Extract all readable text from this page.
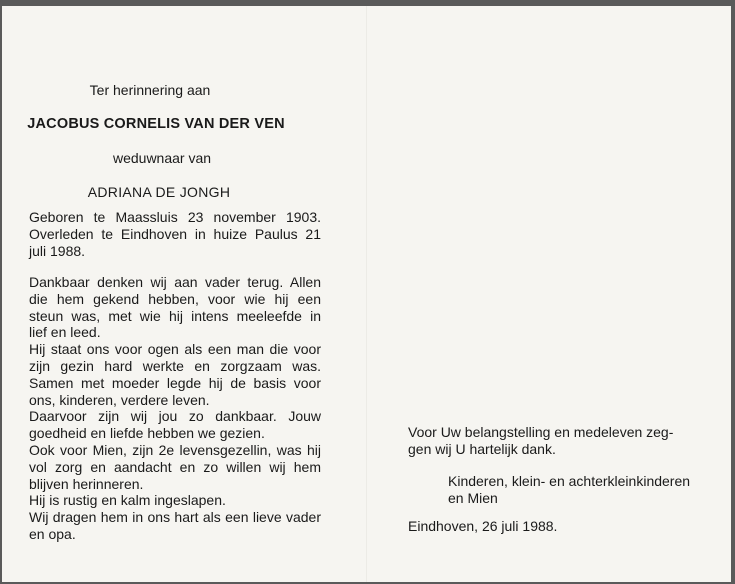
Ter herinnering aan
JACOBUS CORNELIS VAN DER VEN
weduwnaar van
ADRIANA DE JONGH
Geboren te Maassluis 23 november 1903.
Overleden te Eindhoven in huize Paulus 21
juli 1988.
Dankbaar denken wij aan vader terug. Allen
die hem gekend hebben, voor wie hij een
steun was, met wie hij intens meeleefde in
lief en leed.
Hij staat ons voor ogen als een man die voor
zijn gezin hard werkte en zorgzaam was.
Samen met moeder legde hij de basis voor
ons, kinderen, verdere leven.
Daarvoor zijn wij jou zo dankbaar. Jouw
goedheid en liefde hebben we gezien.
Ook voor Mien, zijn 2e levensgezellin, was hij
vol zorg en aandacht en zo willen wij hem
blijven herinneren.
Hij is rustig en kalm ingeslapen.
Wij dragen hem in ons hart als een lieve vader
en opa.
Voor Uw belangstelling en medeleven zeg-
gen wij U hartelijk dank.
Kinderen, klein- en achterkleinkinderen
en Mien
Eindhoven, 26 juli 1988.
